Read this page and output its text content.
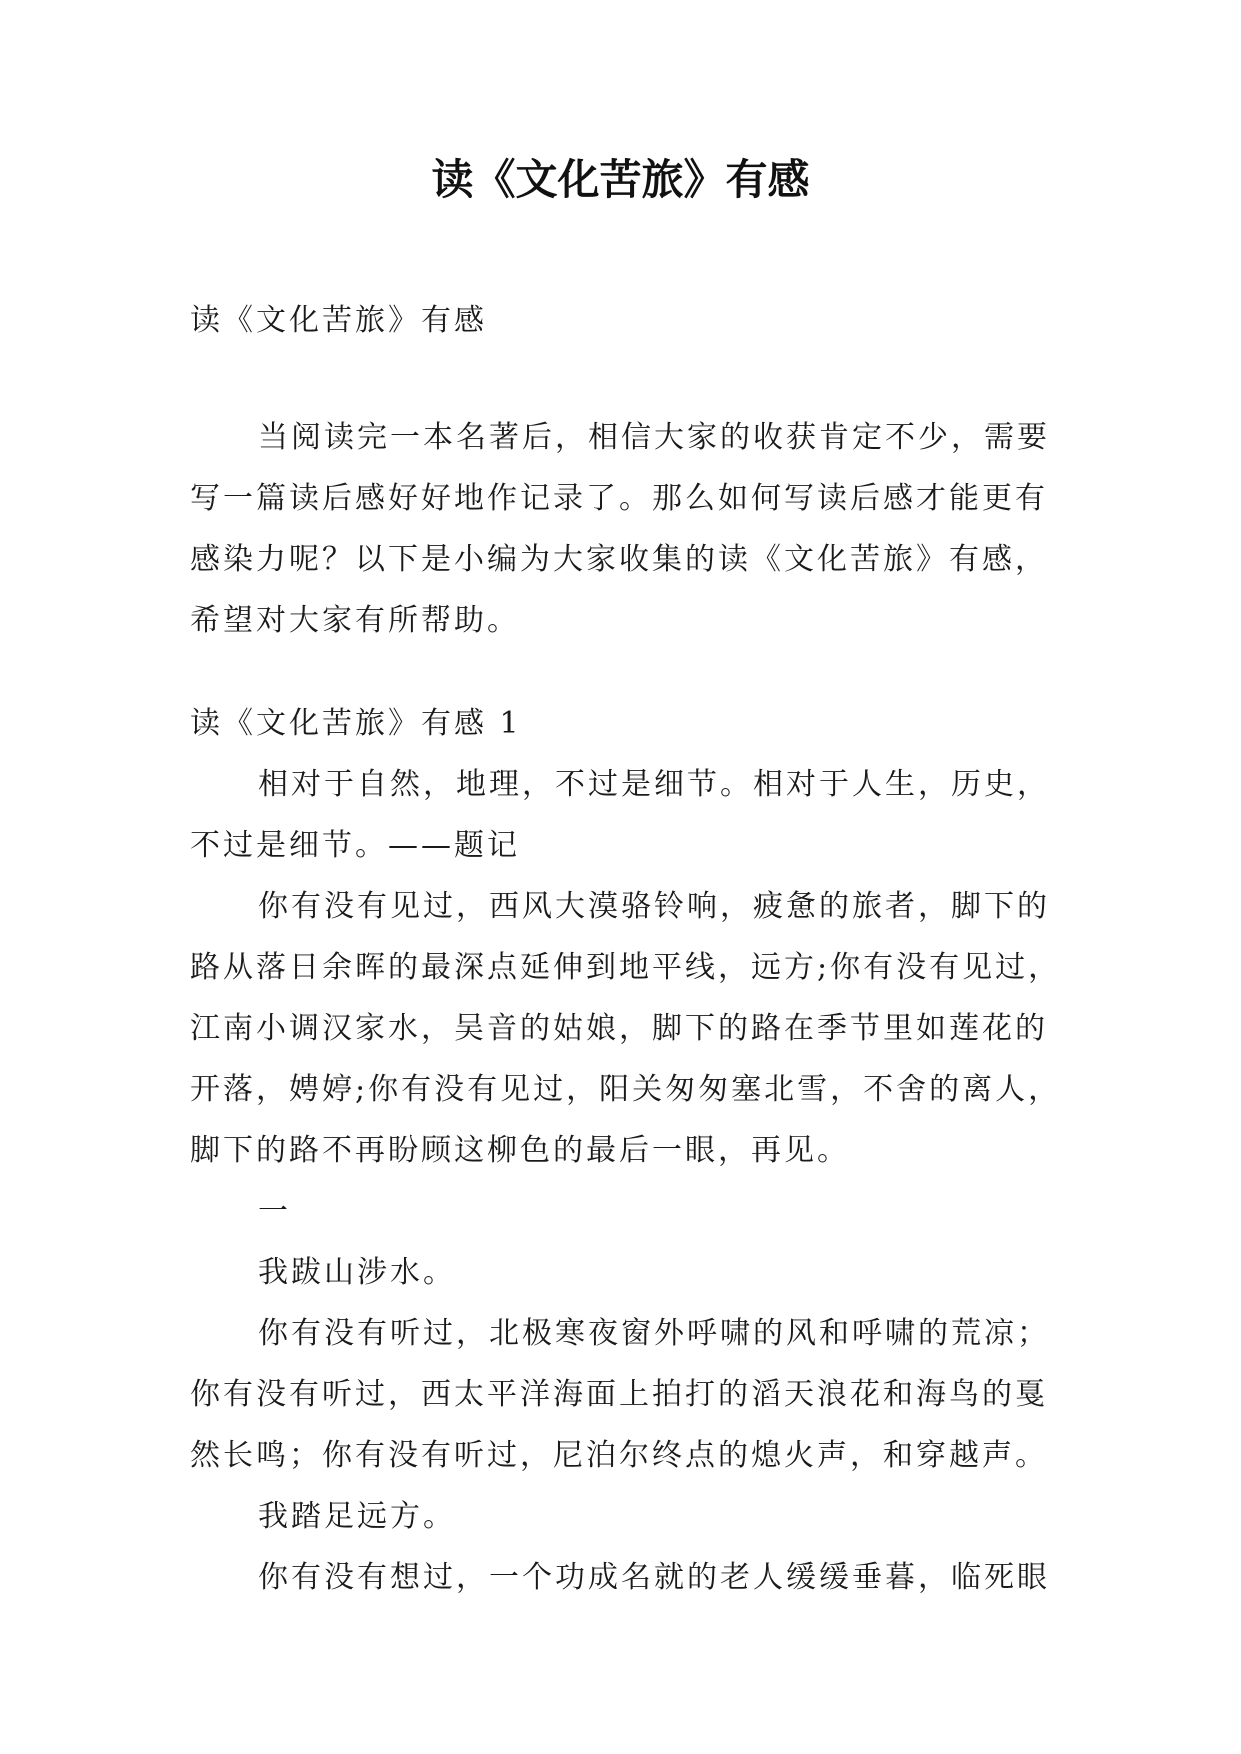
读《文化苦旅》有感

读《文化苦旅》有感

当阅读完一本名著后，相信大家的收获肯定不少，需要

写一篇读后感好好地作记录了。那么如何写读后感才能更有

感染力呢？以下是小编为大家收集的读《文化苦旅》有感，

希望对大家有所帮助。

读《文化苦旅》有感 1

相对于自然，地理，不过是细节。相对于人生，历史，

不过是细节。——题记

你有没有见过，西风大漠骆铃响，疲惫的旅者，脚下的

路从落日余晖的最深点延伸到地平线，远方;你有没有见过，

江南小调汉家水，吴音的姑娘，脚下的路在季节里如莲花的

开落，娉婷;你有没有见过，阳关匆匆塞北雪，不舍的离人，

脚下的路不再盼顾这柳色的最后一眼，再见。

一

我跋山涉水。

你有没有听过，北极寒夜窗外呼啸的风和呼啸的荒凉；

你有没有听过，西太平洋海面上拍打的滔天浪花和海鸟的戛

然长鸣；你有没有听过，尼泊尔终点的熄火声，和穿越声。

我踏足远方。

你有没有想过，一个功成名就的老人缓缓垂暮，临死眼
